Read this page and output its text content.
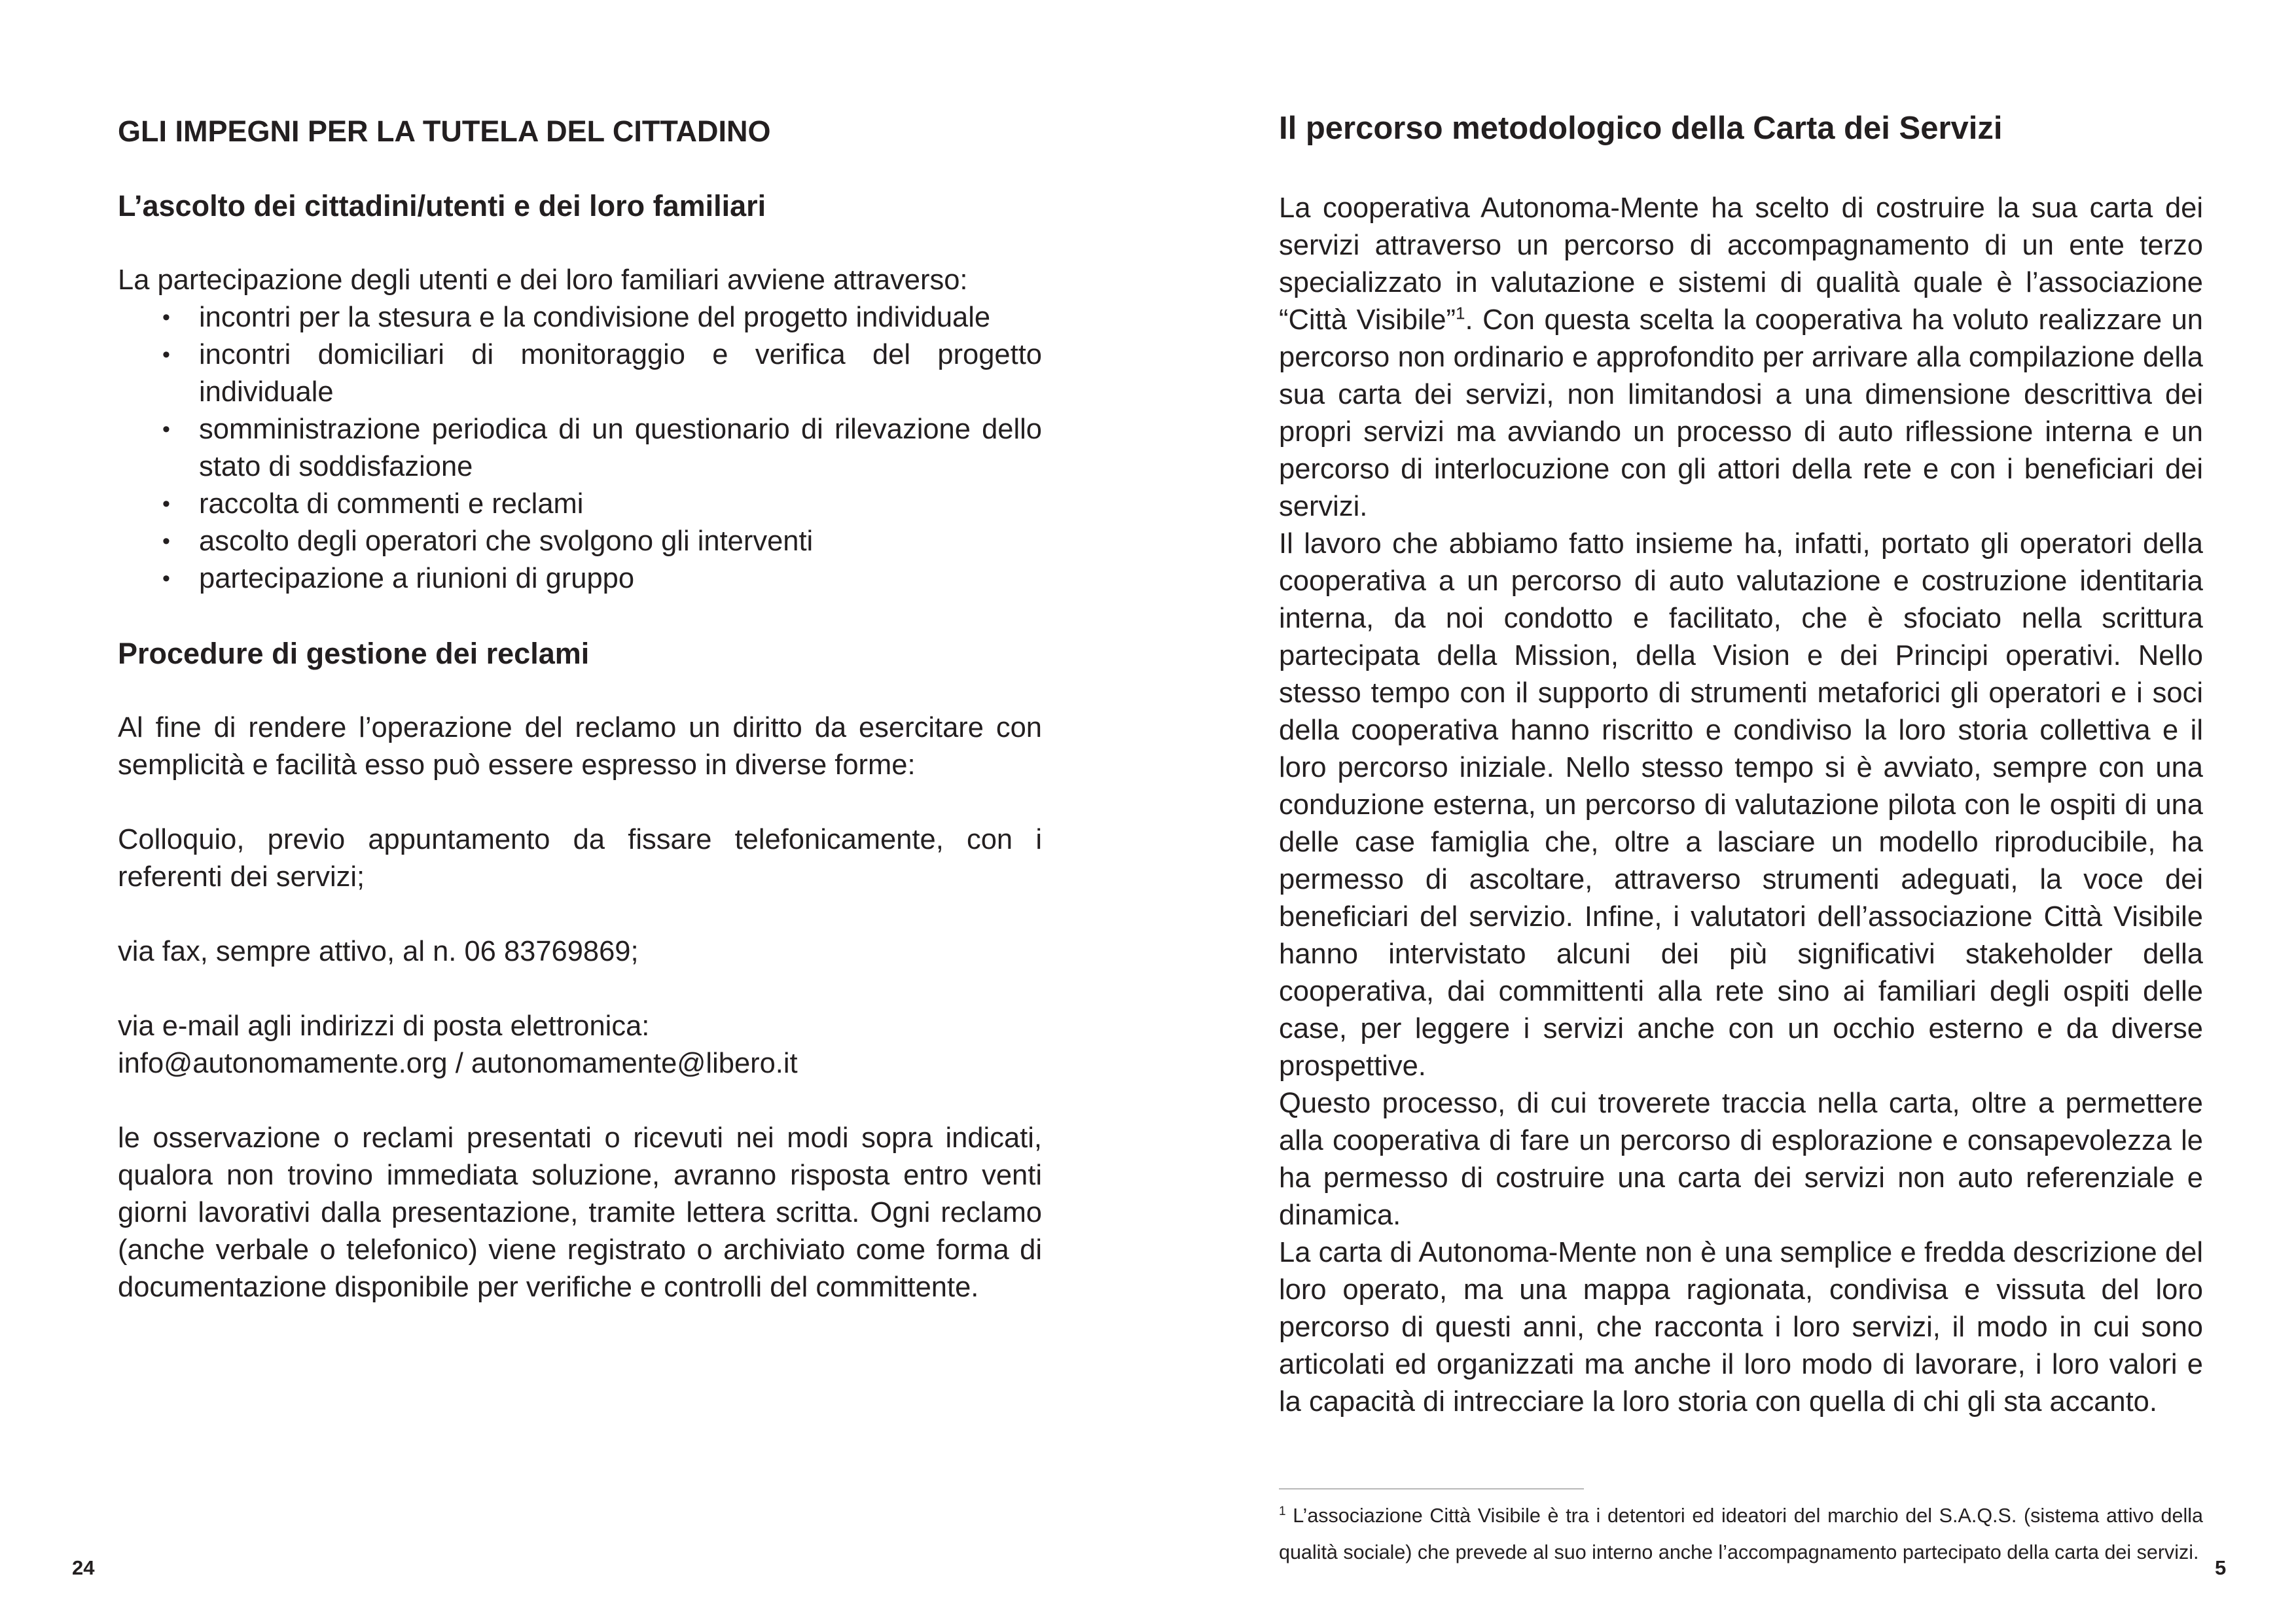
GLI IMPEGNI PER LA TUTELA DEL CITTADINO
L’ascolto dei cittadini/utenti e dei loro familiari

La partecipazione degli utenti e dei loro familiari avviene attraverso:

• incontri per la stesura e la condivisione del progetto individuale
• incontri domiciliari di monitoraggio e verifica del progetto individuale
• somministrazione periodica di un questionario di rilevazione dello stato di soddisfazione
• raccolta di commenti e reclami
• ascolto degli operatori che svolgono gli interventi
• partecipazione a riunioni di gruppo
Procedure di gestione dei reclami

Al fine di rendere l’operazione del reclamo un diritto da esercitare con semplicità e facilità esso può essere espresso in diverse forme:

Colloquio, previo appuntamento da fissare telefonicamente, con i referenti dei servizi;

via fax, sempre attivo, al n. 06 83769869;

via e-mail agli indirizzi di posta elettronica:

info@autonomamente.org / autonomamente@libero.it

le osservazione o reclami presentati o ricevuti nei modi sopra indicati, qualora non trovino immediata soluzione, avranno risposta entro venti giorni lavorativi dalla presentazione, tramite lettera scritta. Ogni reclamo (anche verbale o telefonico) viene registrato o archiviato come forma di documentazione disponibile per verifiche e controlli del committente.

24
Il percorso metodologico della Carta dei Servizi

La cooperativa Autonoma-Mente ha scelto di costruire la sua carta dei servizi attraverso un percorso di accompagnamento di un ente terzo specializzato in valutazione e sistemi di qualità quale è l’associazione “Città Visibile”$^1$. Con questa scelta la cooperativa ha voluto realizzare un percorso non ordinario e approfondito per arrivare alla compilazione della sua carta dei servizi, non limitandosi a una dimensione descrittiva dei propri servizi ma avviando un processo di auto riflessione interna e un percorso di interlocuzione con gli attori della rete e con i beneficiari dei servizi.

Il lavoro che abbiamo fatto insieme ha, infatti, portato gli operatori della cooperativa a un percorso di auto valutazione e costruzione identitaria interna, da noi condotto e facilitato, che è sfociato nella scrittura partecipata della Mission, della Vision e dei Principi operativi. Nello stesso tempo con il supporto di strumenti metaforici gli operatori e i soci della cooperativa hanno riscritto e condiviso la loro storia collettiva e il loro percorso iniziale. Nello stesso tempo si è avviato, sempre con una conduzione esterna, un percorso di valutazione pilota con le ospiti di una delle case famiglia che, oltre a lasciare un modello riproducibile, ha permesso di ascoltare, attraverso strumenti adeguati, la voce dei beneficiari del servizio. Infine, i valutatori dell’associazione Città Visibile hanno intervistato alcuni dei più significativi stakeholder della cooperativa, dai committenti alla rete sino ai familiari degli ospiti delle case, per leggere i servizi anche con un occhio esterno e da diverse prospettive.

Questo processo, di cui troverete traccia nella carta, oltre a permettere alla cooperativa di fare un percorso di esplorazione e consapevolezza le ha permesso di costruire una carta dei servizi non auto referenziale e dinamica.

La carta di Autonoma-Mente non è una semplice e fredda descrizione del loro operato, ma una mappa ragionata, condivisa e vissuta del loro percorso di questi anni, che racconta i loro servizi, il modo in cui sono articolati ed organizzati ma anche il loro modo di lavorare, i loro valori e la capacità di intrecciare la loro storia con quella di chi gli sta accanto.

$^1$ L’associazione Città Visibile è tra i detentori ed ideatori del marchio del S.A.Q.S. (sistema attivo della qualità sociale) che prevede al suo interno anche l’accompagnamento partecipato della carta dei servizi.

5
